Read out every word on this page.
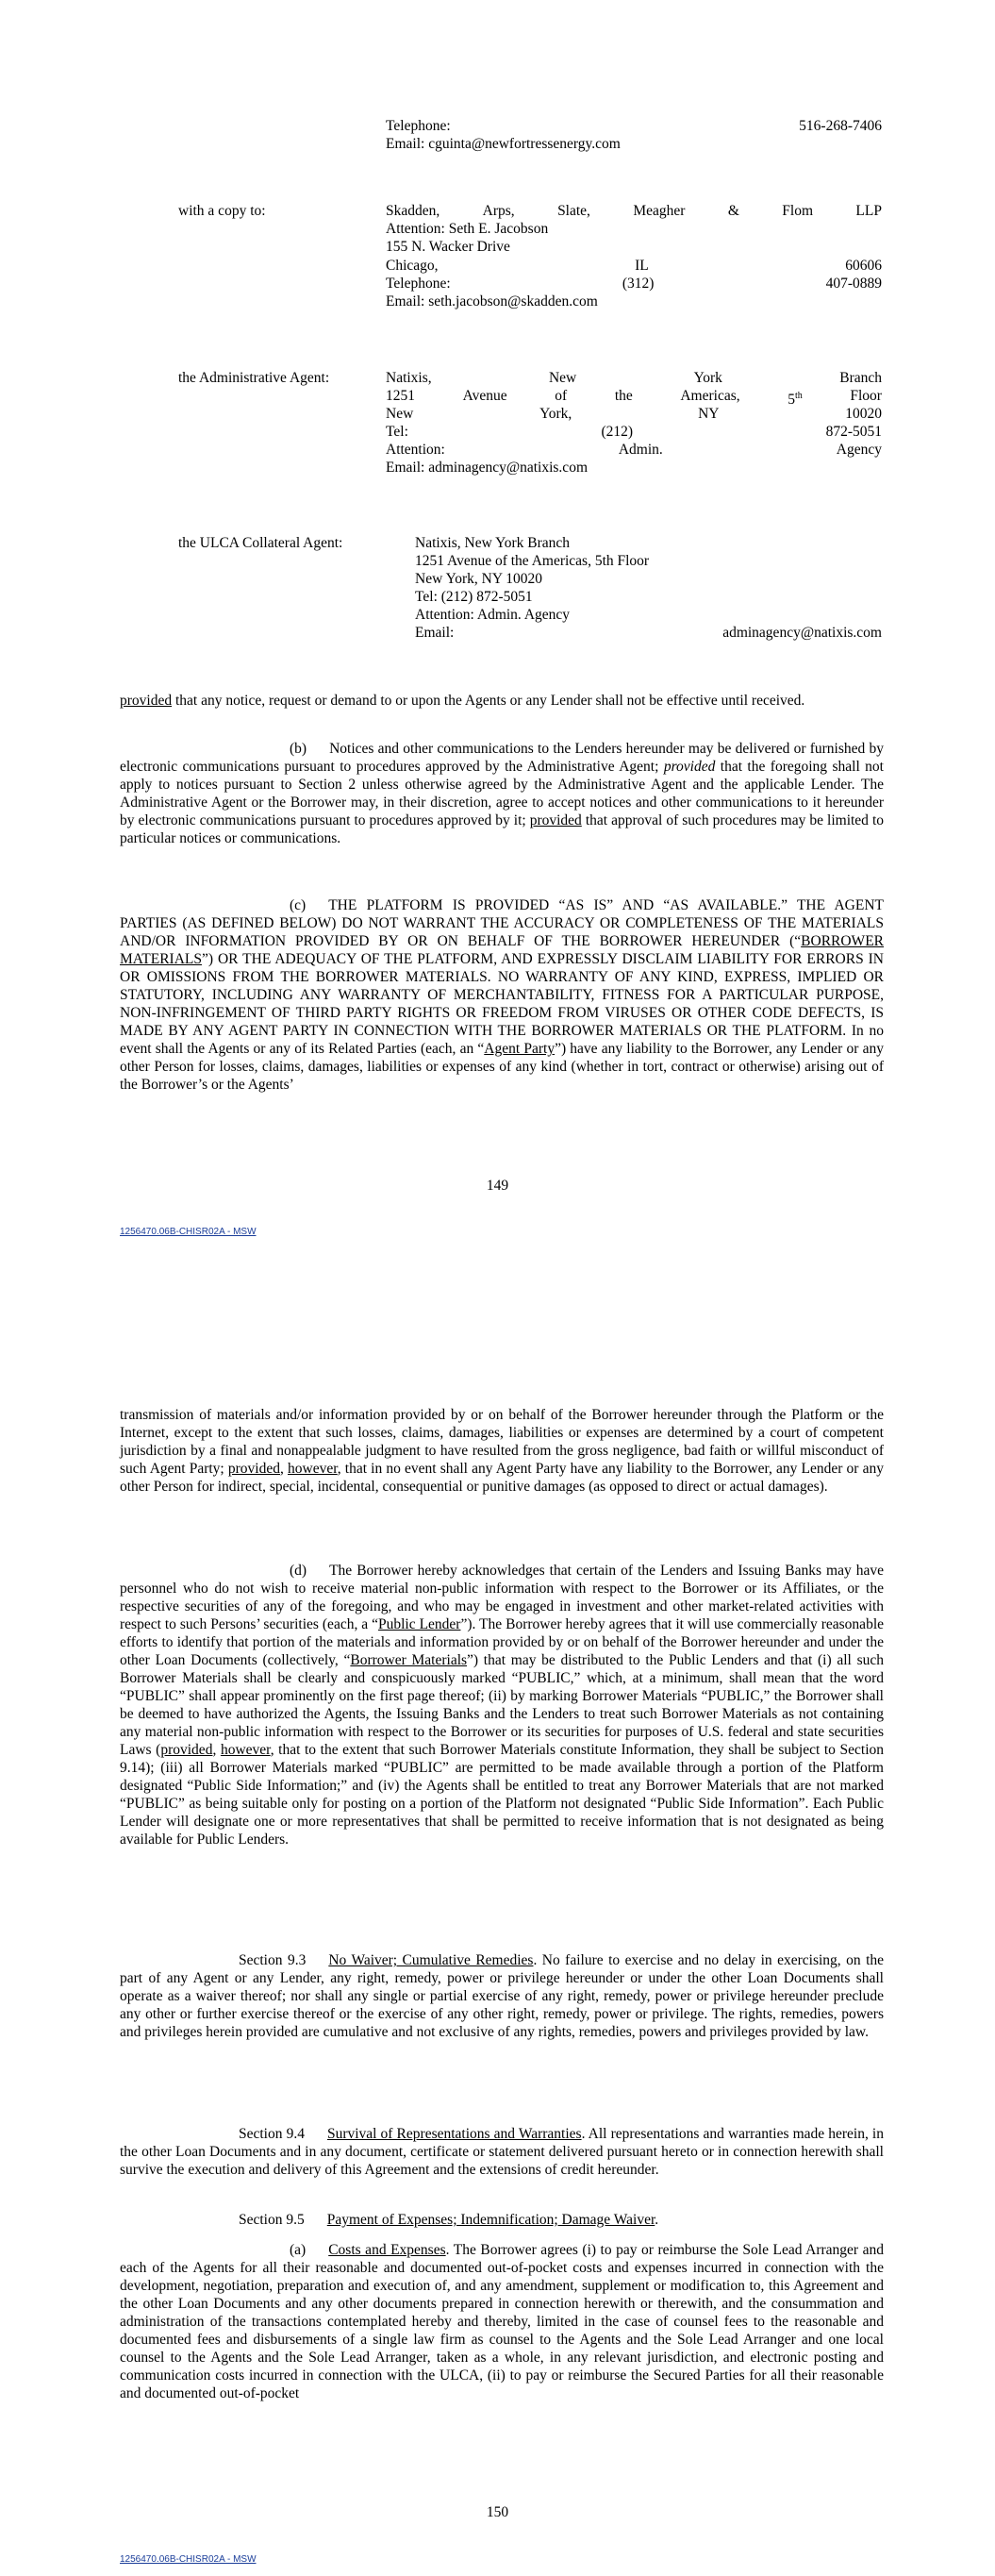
Telephone:	516-268-7406
Email: cguinta@newfortressenergy.com
with a copy to:	Skadden,	Arps,	Slate,	Meagher	&	Flom	LLP
Attention: Seth E. Jacobson
155 N. Wacker Drive
Chicago,	IL	60606
Telephone:	(312)	407-0889
Email: seth.jacobson@skadden.com
the Administrative Agent:	Natixis,	New	York	Branch
1251	Avenue	of	the	Americas,	5th	Floor
New	York,	NY	10020
Tel:	(212)	872-5051
Attention:	Admin.	Agency
Email: adminagency@natixis.com
the ULCA Collateral Agent:	Natixis, New York Branch
1251 Avenue of the Americas, 5th Floor
New York, NY 10020
Tel: (212) 872-5051
Attention: Admin. Agency
Email:	adminagency@natixis.com
provided that any notice, request or demand to or upon the Agents or any Lender shall not be effective until received.
(b) Notices and other communications to the Lenders hereunder may be delivered or furnished by electronic communications pursuant to procedures approved by the Administrative Agent; provided that the foregoing shall not apply to notices pursuant to Section 2 unless otherwise agreed by the Administrative Agent and the applicable Lender. The Administrative Agent or the Borrower may, in their discretion, agree to accept notices and other communications to it hereunder by electronic communications pursuant to procedures approved by it; provided that approval of such procedures may be limited to particular notices or communications.
(c) THE PLATFORM IS PROVIDED “AS IS” AND “AS AVAILABLE.” THE AGENT PARTIES (AS DEFINED BELOW) DO NOT WARRANT THE ACCURACY OR COMPLETENESS OF THE MATERIALS AND/OR INFORMATION PROVIDED BY OR ON BEHALF OF THE BORROWER HEREUNDER (“BORROWER MATERIALS”) OR THE ADEQUACY OF THE PLATFORM, AND EXPRESSLY DISCLAIM LIABILITY FOR ERRORS IN OR OMISSIONS FROM THE BORROWER MATERIALS. NO WARRANTY OF ANY KIND, EXPRESS, IMPLIED OR STATUTORY, INCLUDING ANY WARRANTY OF MERCHANTABILITY, FITNESS FOR A PARTICULAR PURPOSE, NON-INFRINGEMENT OF THIRD PARTY RIGHTS OR FREEDOM FROM VIRUSES OR OTHER CODE DEFECTS, IS MADE BY ANY AGENT PARTY IN CONNECTION WITH THE BORROWER MATERIALS OR THE PLATFORM. In no event shall the Agents or any of its Related Parties (each, an “Agent Party”) have any liability to the Borrower, any Lender or any other Person for losses, claims, damages, liabilities or expenses of any kind (whether in tort, contract or otherwise) arising out of the Borrower’s or the Agents’
149
1256470.06B-CHISR02A - MSW
transmission of materials and/or information provided by or on behalf of the Borrower hereunder through the Platform or the Internet, except to the extent that such losses, claims, damages, liabilities or expenses are determined by a court of competent jurisdiction by a final and nonappealable judgment to have resulted from the gross negligence, bad faith or willful misconduct of such Agent Party; provided, however, that in no event shall any Agent Party have any liability to the Borrower, any Lender or any other Person for indirect, special, incidental, consequential or punitive damages (as opposed to direct or actual damages).
(d) The Borrower hereby acknowledges that certain of the Lenders and Issuing Banks may have personnel who do not wish to receive material non-public information with respect to the Borrower or its Affiliates, or the respective securities of any of the foregoing, and who may be engaged in investment and other market-related activities with respect to such Persons’ securities (each, a “Public Lender”). The Borrower hereby agrees that it will use commercially reasonable efforts to identify that portion of the materials and information provided by or on behalf of the Borrower hereunder and under the other Loan Documents (collectively, “Borrower Materials”) that may be distributed to the Public Lenders and that (i) all such Borrower Materials shall be clearly and conspicuously marked “PUBLIC,” which, at a minimum, shall mean that the word “PUBLIC” shall appear prominently on the first page thereof; (ii) by marking Borrower Materials “PUBLIC,” the Borrower shall be deemed to have authorized the Agents, the Issuing Banks and the Lenders to treat such Borrower Materials as not containing any material non-public information with respect to the Borrower or its securities for purposes of U.S. federal and state securities Laws (provided, however, that to the extent that such Borrower Materials constitute Information, they shall be subject to Section 9.14); (iii) all Borrower Materials marked “PUBLIC” are permitted to be made available through a portion of the Platform designated “Public Side Information;” and (iv) the Agents shall be entitled to treat any Borrower Materials that are not marked “PUBLIC” as being suitable only for posting on a portion of the Platform not designated “Public Side Information”. Each Public Lender will designate one or more representatives that shall be permitted to receive information that is not designated as being available for Public Lenders.
Section 9.3 No Waiver; Cumulative Remedies. No failure to exercise and no delay in exercising, on the part of any Agent or any Lender, any right, remedy, power or privilege hereunder or under the other Loan Documents shall operate as a waiver thereof; nor shall any single or partial exercise of any right, remedy, power or privilege hereunder preclude any other or further exercise thereof or the exercise of any other right, remedy, power or privilege. The rights, remedies, powers and privileges herein provided are cumulative and not exclusive of any rights, remedies, powers and privileges provided by law.
Section 9.4 Survival of Representations and Warranties. All representations and warranties made herein, in the other Loan Documents and in any document, certificate or statement delivered pursuant hereto or in connection herewith shall survive the execution and delivery of this Agreement and the extensions of credit hereunder.
Section 9.5 Payment of Expenses; Indemnification; Damage Waiver.
(a) Costs and Expenses. The Borrower agrees (i) to pay or reimburse the Sole Lead Arranger and each of the Agents for all their reasonable and documented out-of-pocket costs and expenses incurred in connection with the development, negotiation, preparation and execution of, and any amendment, supplement or modification to, this Agreement and the other Loan Documents and any other documents prepared in connection herewith or therewith, and the consummation and administration of the transactions contemplated hereby and thereby, limited in the case of counsel fees to the reasonable and documented fees and disbursements of a single law firm as counsel to the Agents and the Sole Lead Arranger and one local counsel to the Agents and the Sole Lead Arranger, taken as a whole, in any relevant jurisdiction, and electronic posting and communication costs incurred in connection with the ULCA, (ii) to pay or reimburse the Secured Parties for all their reasonable and documented out-of-pocket
150
1256470.06B-CHISR02A - MSW
